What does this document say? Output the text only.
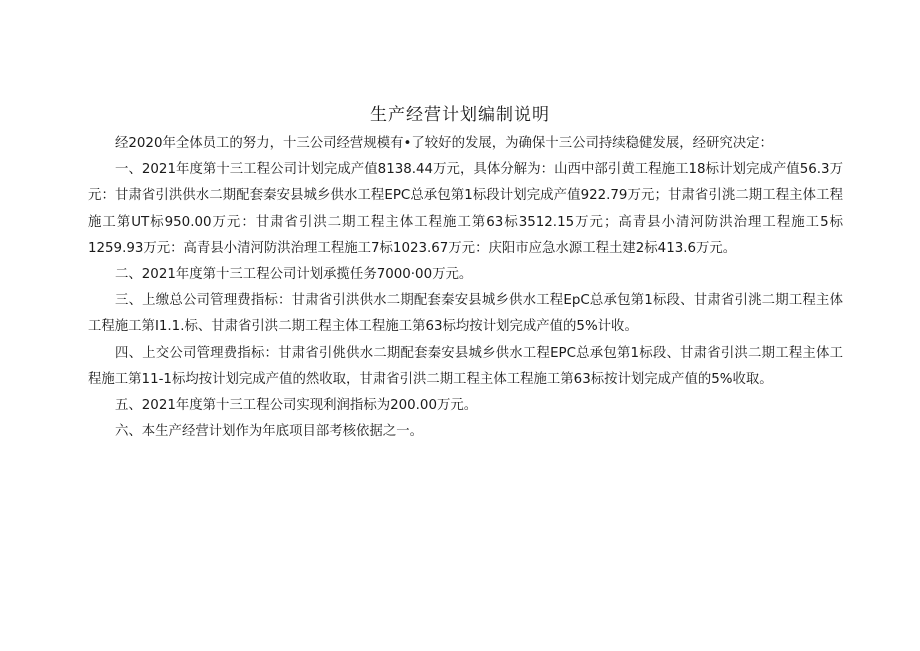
生产经营计划编制说明

经2020年全体员工的努力，十三公司经营规模有•了较好的发展，为确保十三公司持续稳健发展，经研究决定：

一、2021年度第十三工程公司计划完成产值8138.44万元，具体分解为：山西中部引黄工程施工18标计划完成产值56.3万元：甘肃省引洪供水二期配套秦安县城乡供水工程EPC总承包第1标段计划完成产值922.79万元；甘肃省引洮二期工程主体工程施工第UT标950.00万元：甘肃省引洪二期工程主体工程施工第63标3512.15万元；高青县小清河防洪治理工程施工5标1259.93万元：高青县小清河防洪治理工程施工7标1023.67万元：庆阳市应急水源工程土建2标413.6万元。

二、2021年度第十三工程公司计划承揽任务7000·00万元。

三、上缴总公司管理费指标：甘肃省引洪供水二期配套秦安县城乡供水工程EpC总承包第1标段、甘肃省引洮二期工程主体工程施工第I1.1.标、甘肃省引洪二期工程主体工程施工第63标均按计划完成产值的5%计收。

四、上交公司管理费指标：甘肃省引佻供水二期配套秦安县城乡供水工程EPC总承包第1标段、甘肃省引洪二期工程主体工程施工第11-1标均按计划完成产值的然收取，甘肃省引洪二期工程主体工程施工第63标按计划完成产值的5%收取。

五、2021年度第十三工程公司实现利润指标为200.00万元。

六、本生产经营计划作为年底项目部考核依据之一。
